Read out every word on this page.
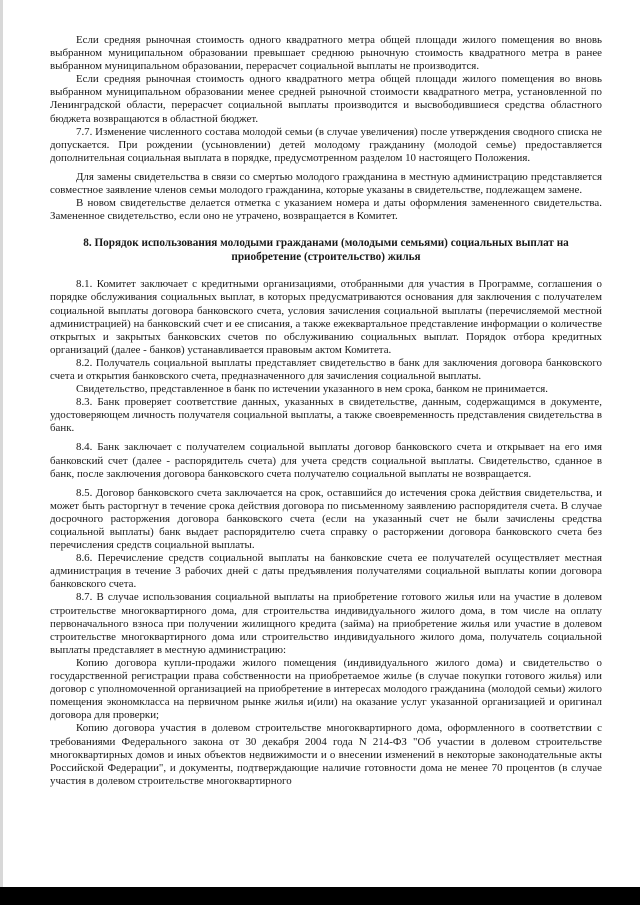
Если средняя рыночная стоимость одного квадратного метра общей площади жилого помещения во вновь выбранном муниципальном образовании превышает среднюю рыночную стоимость квадратного метра в ранее выбранном муниципальном образовании, перерасчет социальной выплаты не производится.

Если средняя рыночная стоимость одного квадратного метра общей площади жилого помещения во вновь выбранном муниципальном образовании менее средней рыночной стоимости квадратного метра, установленной по Ленинградской области, перерасчет социальной выплаты производится и высвободившиеся средства областного бюджета возвращаются в областной бюджет.

7.7. Изменение численного состава молодой семьи (в случае увеличения) после утверждения сводного списка не допускается. При рождении (усыновлении) детей молодому гражданину (молодой семье) предоставляется дополнительная социальная выплата в порядке, предусмотренном разделом 10 настоящего Положения.

Для замены свидетельства в связи со смертью молодого гражданина в местную администрацию представляется совместное заявление членов семьи молодого гражданина, которые указаны в свидетельстве, подлежащем замене.

В новом свидетельстве делается отметка с указанием номера и даты оформления замененного свидетельства. Замененное свидетельство, если оно не утрачено, возвращается в Комитет.

8. Порядок использования молодыми гражданами (молодыми семьями) социальных выплат на приобретение (строительство) жилья

8.1. Комитет заключает с кредитными организациями, отобранными для участия в Программе, соглашения о порядке обслуживания социальных выплат, в которых предусматриваются основания для заключения с получателем социальной выплаты договора банковского счета, условия зачисления социальной выплаты (перечисляемой местной администрацией) на банковский счет и ее списания, а также ежеквартальное представление информации о количестве открытых и закрытых банковских счетов по обслуживанию социальных выплат. Порядок отбора кредитных организаций (далее - банков) устанавливается правовым актом Комитета.

8.2. Получатель социальной выплаты представляет свидетельство в банк для заключения договора банковского счета и открытия банковского счета, предназначенного для зачисления социальной выплаты.

Свидетельство, представленное в банк по истечении указанного в нем срока, банком не принимается.

8.3. Банк проверяет соответствие данных, указанных в свидетельстве, данным, содержащимся в документе, удостоверяющем личность получателя социальной выплаты, а также своевременность представления свидетельства в банк.

8.4. Банк заключает с получателем социальной выплаты договор банковского счета и открывает на его имя банковский счет (далее - распорядитель счета) для учета средств социальной выплаты. Свидетельство, сданное в банк, после заключения договора банковского счета получателю социальной выплаты не возвращается.

8.5. Договор банковского счета заключается на срок, оставшийся до истечения срока действия свидетельства, и может быть расторгнут в течение срока действия договора по письменному заявлению распорядителя счета. В случае досрочного расторжения договора банковского счета (если на указанный счет не были зачислены средства социальной выплаты) банк выдает распорядителю счета справку о расторжении договора банковского счета без перечисления средств социальной выплаты.

8.6. Перечисление средств социальной выплаты на банковские счета ее получателей осуществляет местная администрация в течение 3 рабочих дней с даты предъявления получателями социальной выплаты копии договора банковского счета.

8.7. В случае использования социальной выплаты на приобретение готового жилья или на участие в долевом строительстве многоквартирного дома, для строительства индивидуального жилого дома, в том числе на оплату первоначального взноса при получении жилищного кредита (займа) на приобретение жилья или участие в долевом строительстве многоквартирного дома или строительство индивидуального жилого дома, получатель социальной выплаты представляет в местную администрацию:

Копию договора купли-продажи жилого помещения (индивидуального жилого дома) и свидетельство о государственной регистрации права собственности на приобретаемое жилье (в случае покупки готового жилья) или договор с уполномоченной организацией на приобретение в интересах молодого гражданина (молодой семьи) жилого помещения экономкласса на первичном рынке жилья и(или) на оказание услуг указанной организацией и оригинал договора для проверки;

Копию договора участия в долевом строительстве многоквартирного дома, оформленного в соответствии с требованиями Федерального закона от 30 декабря 2004 года N 214-ФЗ "Об участии в долевом строительстве многоквартирных домов и иных объектов недвижимости и о внесении изменений в некоторые законодательные акты Российской Федерации", и документы, подтверждающие наличие готовности дома не менее 70 процентов (в случае участия в долевом строительстве многоквартирного
